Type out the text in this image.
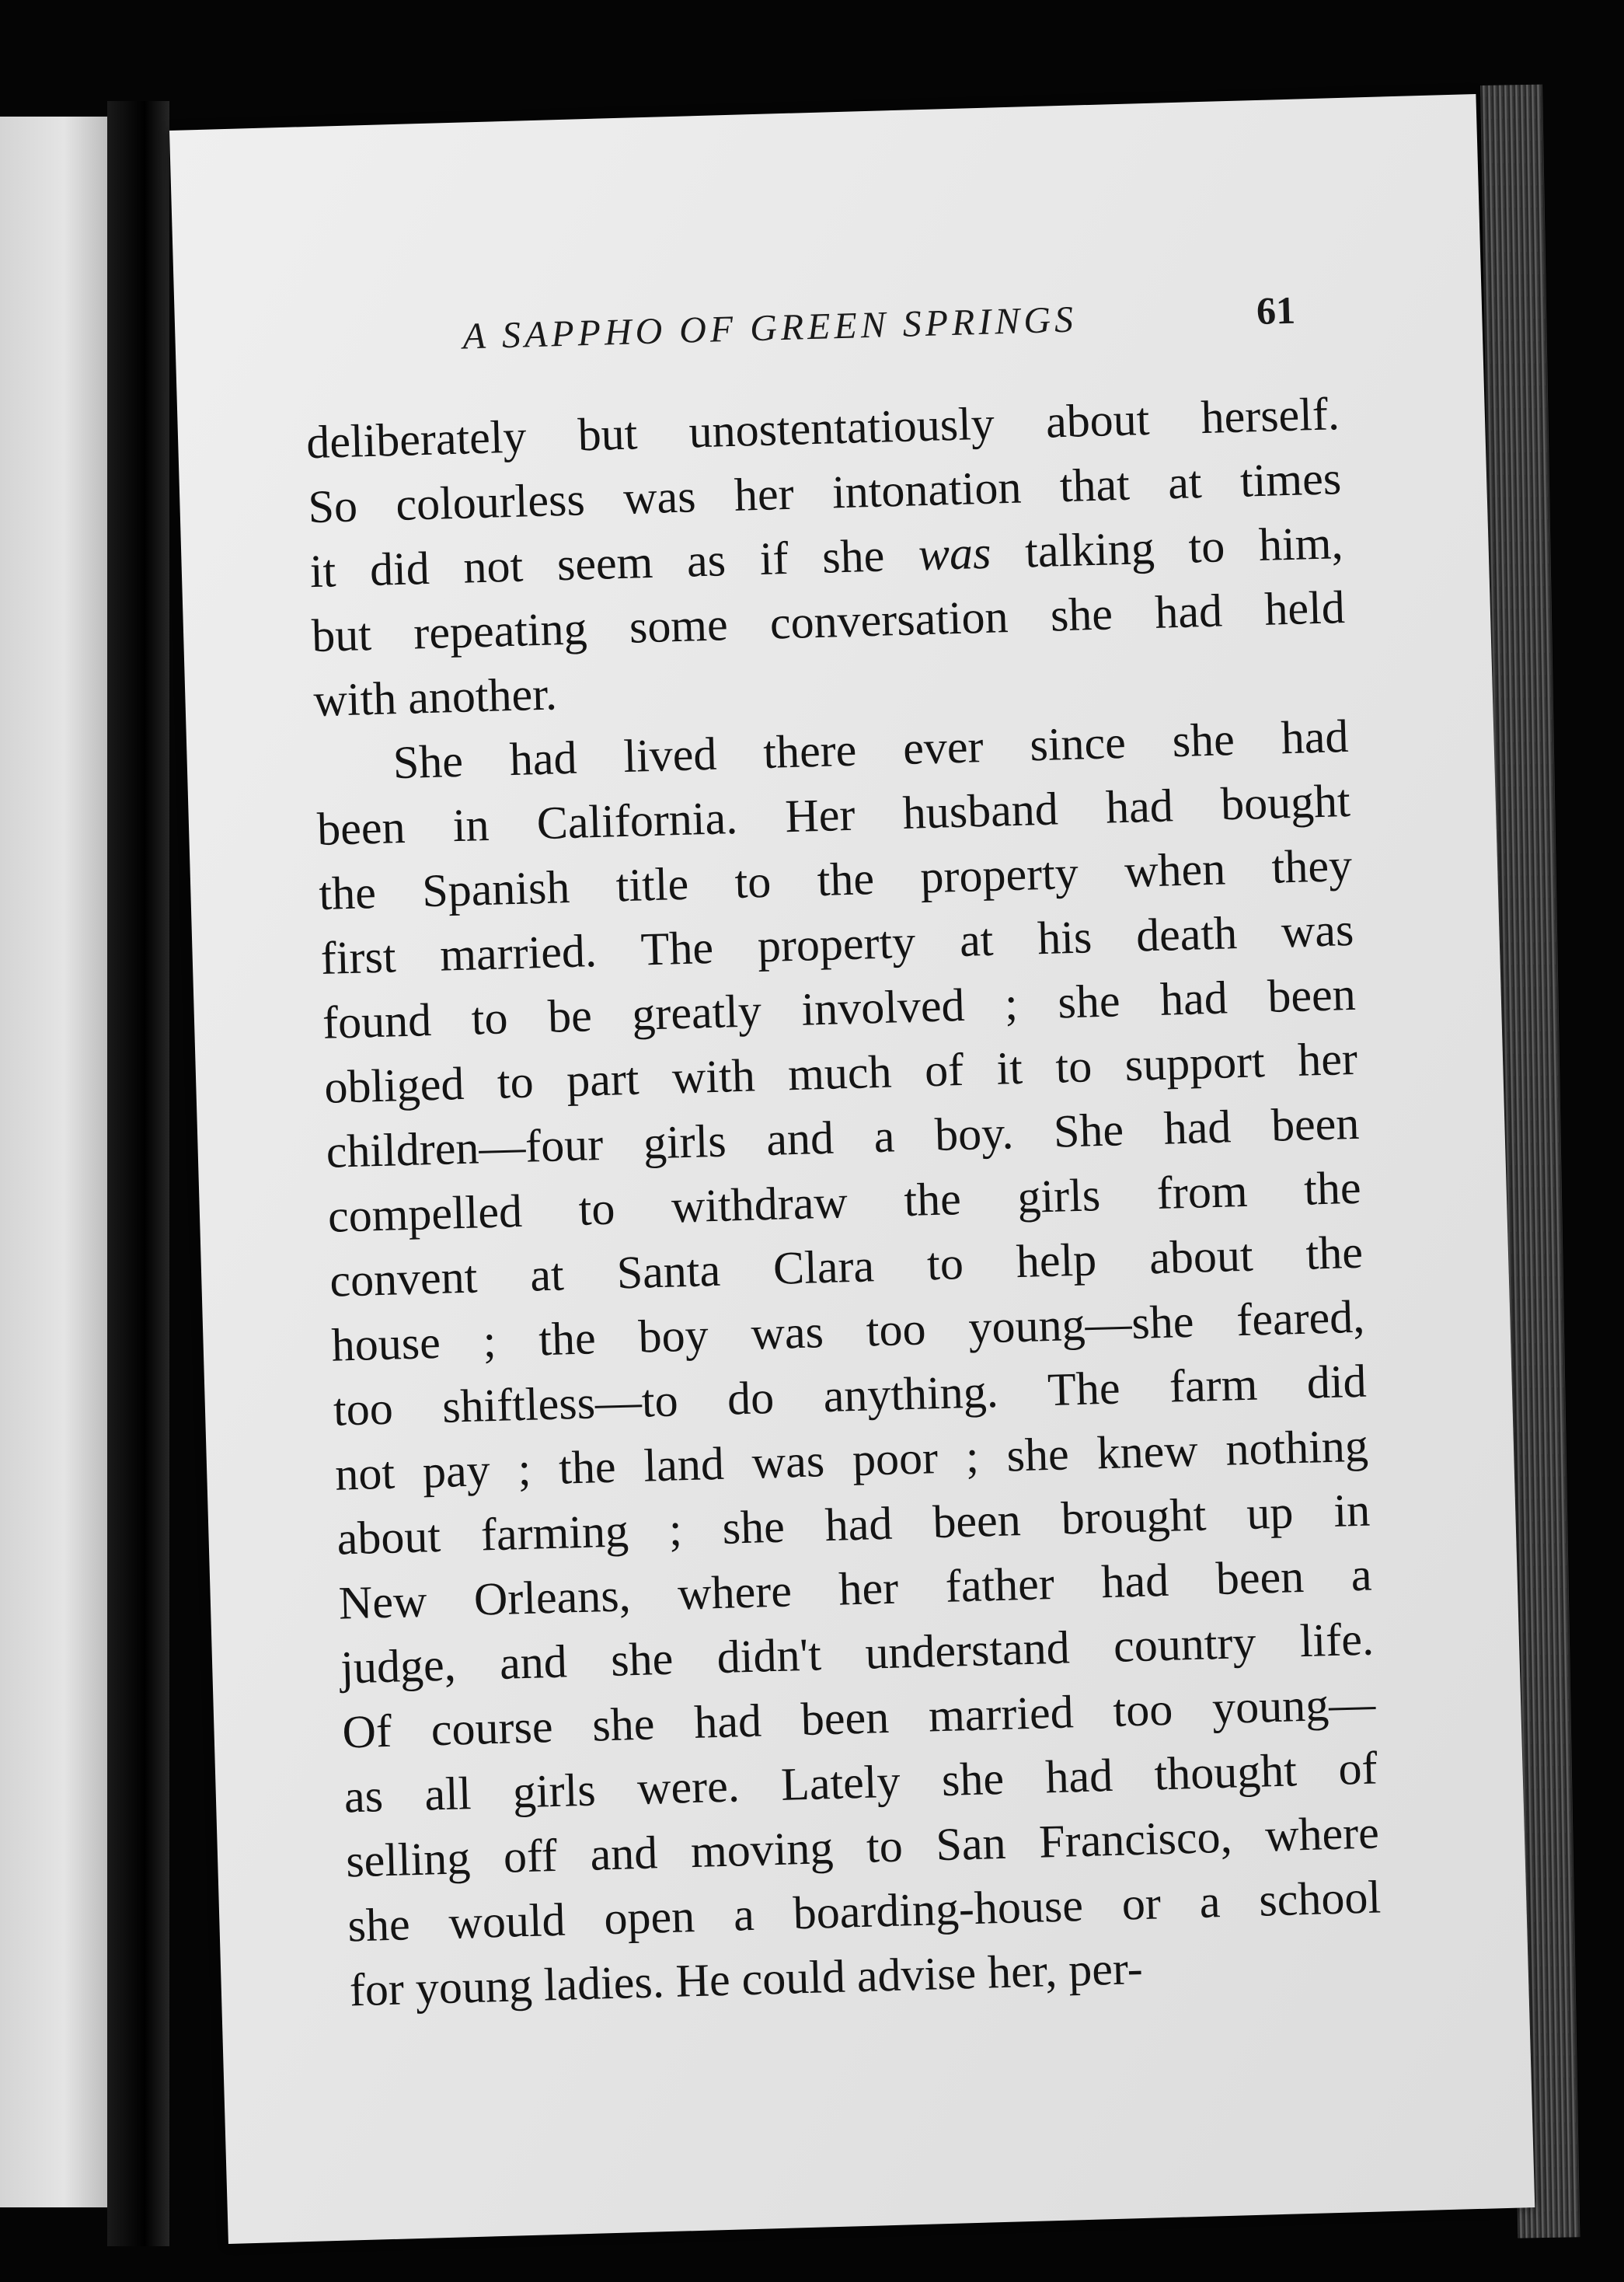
A SAPPHO OF GREEN SPRINGS	61
deliberately but unostentatiously about herself.
So colourless was her intonation that at times
it did not seem as if she was talking to him,
but repeating some conversation she had held
with
another.
She had lived there ever since she had
been in California. Her husband had bought
the Spanish title to the property when they
first married. The property at his death was
found to be greatly involved ; she had been
obliged to part with much of it to support her
children—four girls and a boy. She had been
compelled to withdraw the girls from the
convent at Santa Clara to help about the
house ; the boy was too young—she feared,
too shiftless—to do anything. The farm did
not pay ; the land was poor ; she knew nothing
about farming ; she had been brought up in
New Orleans, where her father had been a
judge, and she didn't understand country life.
Of course she had been married too young—
as all girls were. Lately she had thought of
selling off and moving to San Francisco, where
she would open a boarding-house or a school
for
young
ladies.
He
could
advise
her,
per-
